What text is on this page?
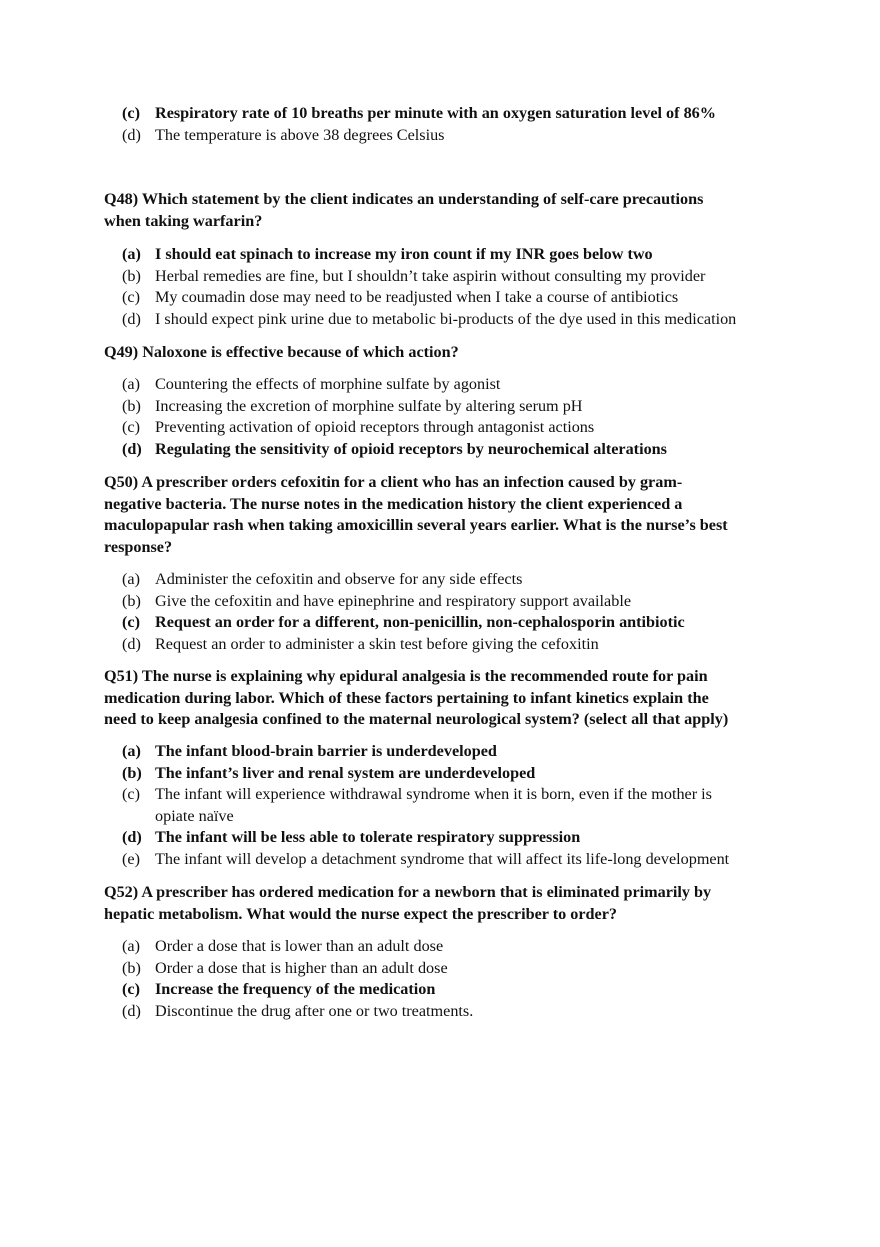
(c) Respiratory rate of 10 breaths per minute with an oxygen saturation level of 86%
(d) The temperature is above 38 degrees Celsius
Q48) Which statement by the client indicates an understanding of self-care precautions
when taking warfarin?
(a) I should eat spinach to increase my iron count if my INR goes below two
(b) Herbal remedies are fine, but I shouldn’t take aspirin without consulting my provider
(c) My coumadin dose may need to be readjusted when I take a course of antibiotics
(d) I should expect pink urine due to metabolic bi-products of the dye used in this medication
Q49) Naloxone is effective because of which action?
(a) Countering the effects of morphine sulfate by agonist
(b) Increasing the excretion of morphine sulfate by altering serum pH
(c) Preventing activation of opioid receptors through antagonist actions
(d) Regulating the sensitivity of opioid receptors by neurochemical alterations
Q50) A prescriber orders cefoxitin for a client who has an infection caused by gram-
negative bacteria. The nurse notes in the medication history the client experienced a
maculopapular rash when taking amoxicillin several years earlier. What is the nurse’s best
response?
(a) Administer the cefoxitin and observe for any side effects
(b) Give the cefoxitin and have epinephrine and respiratory support available
(c) Request an order for a different, non-penicillin, non-cephalosporin antibiotic
(d) Request an order to administer a skin test before giving the cefoxitin
Q51) The nurse is explaining why epidural analgesia is the recommended route for pain
medication during labor. Which of these factors pertaining to infant kinetics explain the
need to keep analgesia confined to the maternal neurological system? (select all that apply)
(a) The infant blood-brain barrier is underdeveloped
(b) The infant’s liver and renal system are underdeveloped
(c) The infant will experience withdrawal syndrome when it is born, even if the mother is
opiate naïve
(d) The infant will be less able to tolerate respiratory suppression
(e) The infant will develop a detachment syndrome that will affect its life-long development
Q52) A prescriber has ordered medication for a newborn that is eliminated primarily by
hepatic metabolism. What would the nurse expect the prescriber to order?
(a) Order a dose that is lower than an adult dose
(b) Order a dose that is higher than an adult dose
(c) Increase the frequency of the medication
(d) Discontinue the drug after one or two treatments.
